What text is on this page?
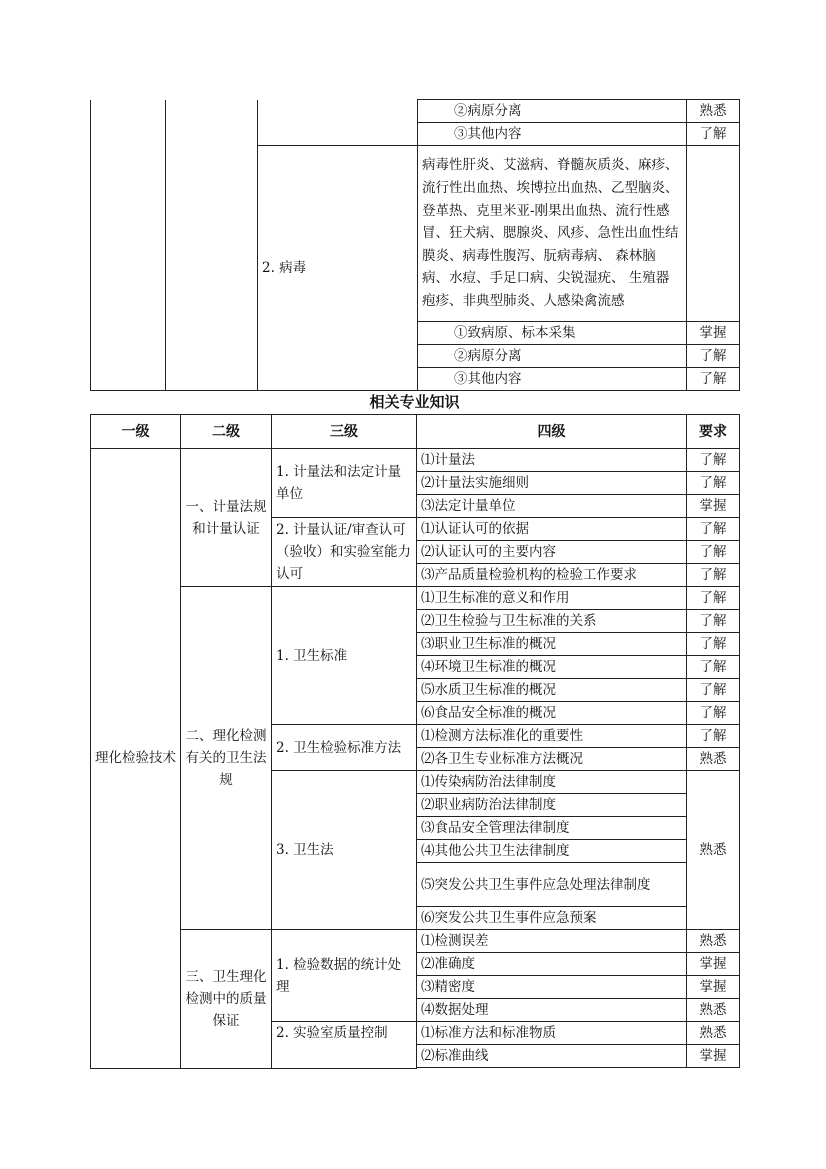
			②病原分离	熟悉
			③其他内容	了解
		2. 病毒	病毒性肝炎、艾滋病、脊髓灰质炎、麻疹、流行性出血热、埃博拉出血热、乙型脑炎、登革热、克里米亚-刚果出血热、流行性感冒、狂犬病、腮腺炎、风疹、急性出血性结膜炎、病毒性腹泻、朊病毒病、 森林脑病、水痘、手足口病、尖锐湿疣、 生殖器疱疹、非典型肺炎、人感染禽流感	
			①致病原、标本采集	掌握
			②病原分离	了解
			③其他内容	了解
相关专业知识
一级	二级	三级	四级	要求
理化检验技术	一、计量法规和计量认证	1. 计量法和法定计量单位	⑴计量法	了解
			⑵计量法实施细则	了解
			⑶法定计量单位	掌握
		2. 计量认证/审查认可（验收）和实验室能力认可	⑴认证认可的依据	了解
			⑵认证认可的主要内容	了解
			⑶产品质量检验机构的检验工作要求	了解
	二、理化检测有关的卫生法规	1. 卫生标准	⑴卫生标准的意义和作用	了解
			⑵卫生检验与卫生标准的关系	了解
			⑶职业卫生标准的概况	了解
			⑷环境卫生标准的概况	了解
			⑸水质卫生标准的概况	了解
			⑹食品安全标准的概况	了解
		2. 卫生检验标准方法	⑴检测方法标准化的重要性	了解
			⑵各卫生专业标准方法概况	熟悉
		3. 卫生法	⑴传染病防治法律制度	熟悉
			⑵职业病防治法律制度	
			⑶食品安全管理法律制度	
			⑷其他公共卫生法律制度	
			⑸突发公共卫生事件应急处理法律制度	
			⑹突发公共卫生事件应急预案	
	三、卫生理化检测中的质量保证	1. 检验数据的统计处理	⑴检测误差	熟悉
			⑵准确度	掌握
			⑶精密度	掌握
			⑷数据处理	熟悉
		2. 实验室质量控制	⑴标准方法和标准物质	熟悉
			⑵标准曲线	掌握
